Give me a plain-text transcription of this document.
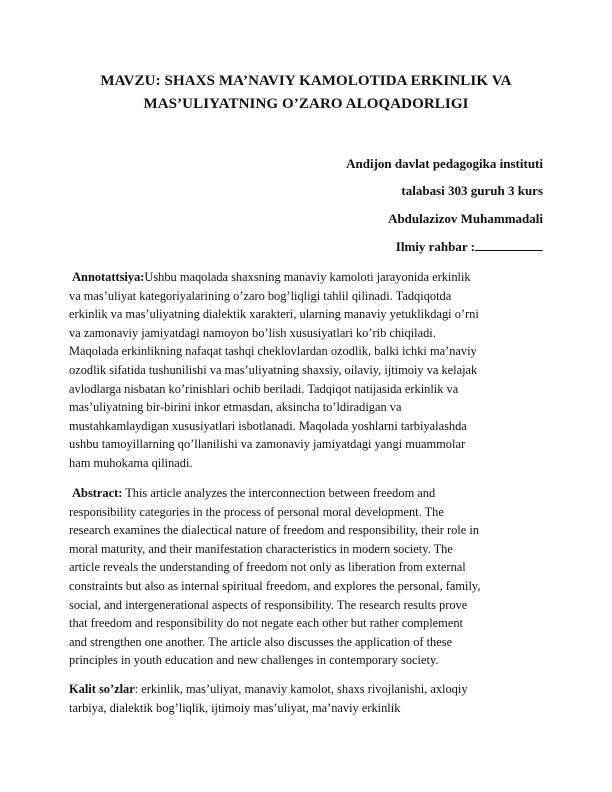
MAVZU: SHAXS MA’NAVIY KAMOLOTIDA ERKINLIK VA
MAS’ULIYATNING O’ZARO ALOQADORLIGI
Andijon davlat pedagogika instituti
talabasi 303 guruh 3 kurs
Abdulazizov Muhammadali
Ilmiy rahbar :
Annotattsiya:Ushbu maqolada shaxsning manaviy kamoloti jarayonida erkinlik
va mas’uliyat kategoriyalarining o’zaro bog’liqligi tahlil qilinadi. Tadqiqotda
erkinlik va mas’uliyatning dialektik xarakteri, ularning manaviy yetuklikdagi o’rni
va zamonaviy jamiyatdagi namoyon bo’lish xususiyatlari ko’rib chiqiladi.
Maqolada erkinlikning nafaqat tashqi cheklovlardan ozodlik, balki ichki ma’naviy
ozodlik sifatida tushunilishi va mas’uliyatning shaxsiy, oilaviy, ijtimoiy va kelajak
avlodlarga nisbatan ko’rinishlari ochib beriladi. Tadqiqot natijasida erkinlik va
mas’uliyatning bir-birini inkor etmasdan, aksincha to’ldiradigan va
mustahkamlaydigan xususiyatlari isbotlanadi. Maqolada yoshlarni tarbiyalashda
ushbu tamoyillarning qo’llanilishi va zamonaviy jamiyatdagi yangi muammolar
ham muhokama qilinadi.
Abstract: This article analyzes the interconnection between freedom and
responsibility categories in the process of personal moral development. The
research examines the dialectical nature of freedom and responsibility, their role in
moral maturity, and their manifestation characteristics in modern society. The
article reveals the understanding of freedom not only as liberation from external
constraints but also as internal spiritual freedom, and explores the personal, family,
social, and intergenerational aspects of responsibility. The research results prove
that freedom and responsibility do not negate each other but rather complement
and strengthen one another. The article also discusses the application of these
principles in youth education and new challenges in contemporary society.
Kalit so’zlar: erkinlik, mas’uliyat, manaviy kamolot, shaxs rivojlanishi, axloqiy
tarbiya, dialektik bog’liqlik, ijtimoiy mas’uliyat, ma’naviy erkinlik
